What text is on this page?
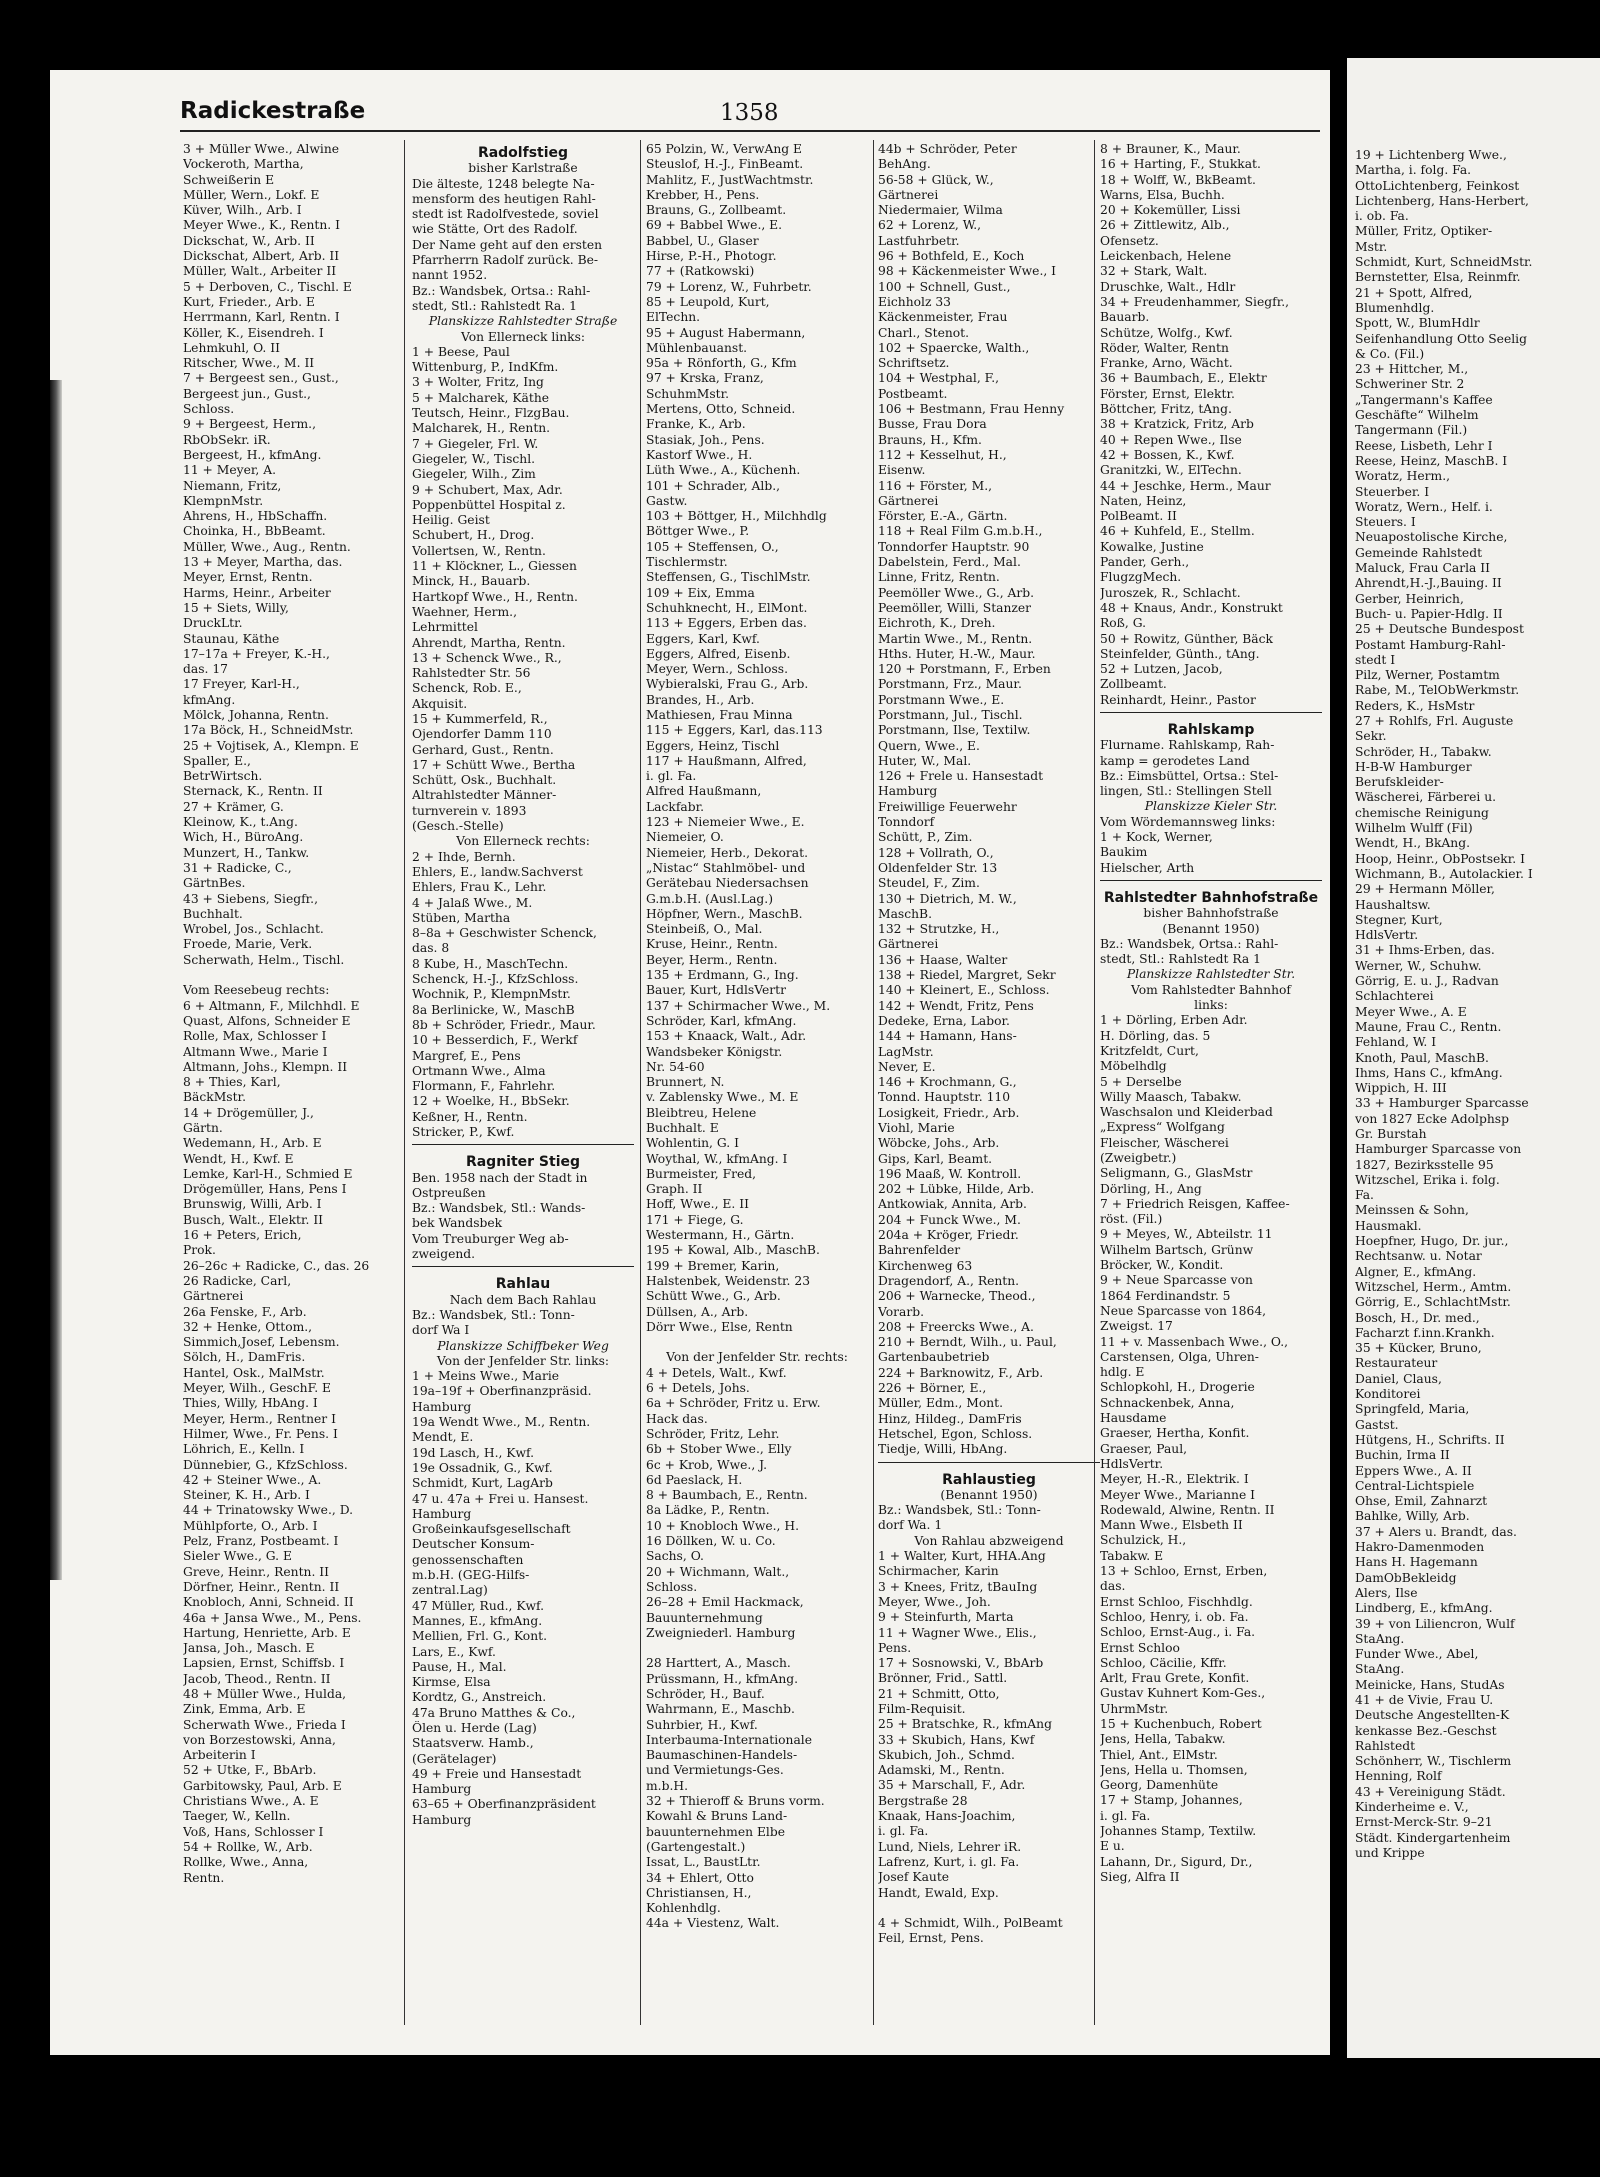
19 + Lichtenberg Wwe.,
Martha, i. folg. Fa.
OttoLichtenberg, Feinkost
Lichtenberg, Hans-Herbert,
i. ob. Fa.
Müller, Fritz, Optiker-
Mstr.
Schmidt, Kurt, SchneidMstr.
Bernstetter, Elsa, Reinmfr.
21 + Spott, Alfred,
Blumenhdlg.
Spott, W., BlumHdlr
Seifenhandlung Otto Seelig
& Co. (Fil.)
23 + Hittcher, M.,
Schweriner Str. 2
„Tangermann's Kaffee
Geschäfte“ Wilhelm
Tangermann (Fil.)
Reese, Lisbeth, Lehr I
Reese, Heinz, MaschB. I
Woratz, Herm.,
Steuerber. I
Woratz, Wern., Helf. i.
Steuers. I
Neuapostolische Kirche,
Gemeinde Rahlstedt
Maluck, Frau Carla II
Ahrendt,H.-J.,Bauing. II
Gerber, Heinrich,
Buch- u. Papier-Hdlg. II
25 + Deutsche Bundespost
Postamt Hamburg-Rahl-
stedt I
Pilz, Werner, Postamtm
Rabe, M., TelObWerkmstr.
Reders, K., HsMstr
27 + Rohlfs, Frl. Auguste
Sekr.
Schröder, H., Tabakw.
H-B-W Hamburger
Berufskleider-
Wäscherei, Färberei u.
chemische Reinigung
Wilhelm Wulff (Fil)
Wendt, H., BkAng.
Hoop, Heinr., ObPostsekr. I
Wichmann, B., Autolackier. I
29 + Hermann Möller,
Haushaltsw.
Stegner, Kurt,
HdlsVertr.
31 + Ihms-Erben, das.
Werner, W., Schuhw.
Görrig, E. u. J., Radvan
Schlachterei
Meyer Wwe., A. E
Maune, Frau C., Rentn.
Fehland, W. I
Knoth, Paul, MaschB.
Ihms, Hans C., kfmAng.
Wippich, H. III
33 + Hamburger Sparcasse
von 1827 Ecke Adolphsp
Gr. Burstah
Hamburger Sparcasse von
1827, Bezirksstelle 95
Witzschel, Erika i. folg.
Fa.
Meinssen & Sohn,
Hausmakl.
Hoepfner, Hugo, Dr. jur.,
Rechtsanw. u. Notar
Algner, E., kfmAng.
Witzschel, Herm., Amtm.
Görrig, E., SchlachtMstr.
Bosch, H., Dr. med.,
Facharzt f.inn.Krankh.
35 + Kücker, Bruno,
Restaurateur
Daniel, Claus,
Konditorei
Springfeld, Maria,
Gastst.
Hütgens, H., Schrifts. II
Buchin, Irma II
Eppers Wwe., A. II
Central-Lichtspiele
Ohse, Emil, Zahnarzt
Bahlke, Willy, Arb.
37 + Alers u. Brandt, das.
Hakro-Damenmoden
Hans H. Hagemann
DamObBekleidg
Alers, Ilse
Lindberg, E., kfmAng.
39 + von Liliencron, Wulf
StaAng.
Funder Wwe., Abel,
StaAng.
Meinicke, Hans, StudAs
41 + de Vivie, Frau U.
Deutsche Angestellten-K
kenkasse Bez.-Geschst
Rahlstedt
Schönherr, W., Tischlerm
Henning, Rolf
43 + Vereinigung Städt.
Kinderheime e. V.,
Ernst-Merck-Str. 9–21
Städt. Kindergartenheim
und Krippe
Radickestraße	1358
3 + Müller Wwe., Alwine
Vockeroth, Martha,
Schweißerin E
Müller, Wern., Lokf. E
Küver, Wilh., Arb. I
Meyer Wwe., K., Rentn. I
Dickschat, W., Arb. II
Dickschat, Albert, Arb. II
Müller, Walt., Arbeiter II
5 + Derboven, C., Tischl. E
Kurt, Frieder., Arb. E
Herrmann, Karl, Rentn. I
Köller, K., Eisendreh. I
Lehmkuhl, O. II
Ritscher, Wwe., M. II
7 + Bergeest sen., Gust.,
Bergeest jun., Gust.,
Schloss.
9 + Bergeest, Herm.,
RbObSekr. iR.
Bergeest, H., kfmAng.
11 + Meyer, A.
Niemann, Fritz,
KlempnMstr.
Ahrens, H., HbSchaffn.
Choinka, H., BbBeamt.
Müller, Wwe., Aug., Rentn.
13 + Meyer, Martha, das.
Meyer, Ernst, Rentn.
Harms, Heinr., Arbeiter
15 + Siets, Willy,
DruckLtr.
Staunau, Käthe
17–17a + Freyer, K.-H.,
das. 17
17 Freyer, Karl-H.,
kfmAng.
Mölck, Johanna, Rentn.
17a Böck, H., SchneidMstr.
25 + Vojtisek, A., Klempn. E
Spaller, E.,
BetrWirtsch.
Sternack, K., Rentn. II
27 + Krämer, G.
Kleinow, K., t.Ang.
Wich, H., BüroAng.
Munzert, H., Tankw.
31 + Radicke, C.,
GärtnBes.
43 + Siebens, Siegfr.,
Buchhalt.
Wrobel, Jos., Schlacht.
Froede, Marie, Verk.
Scherwath, Helm., Tischl.

Vom Reesebeug rechts:
6 + Altmann, F., Milchhdl. E
Quast, Alfons, Schneider E
Rolle, Max, Schlosser I
Altmann Wwe., Marie I
Altmann, Johs., Klempn. II
8 + Thies, Karl,
BäckMstr.
14 + Drögemüller, J.,
Gärtn.
Wedemann, H., Arb. E
Wendt, H., Kwf. E
Lemke, Karl-H., Schmied E
Drögemüller, Hans, Pens I
Brunswig, Willi, Arb. I
Busch, Walt., Elektr. II
16 + Peters, Erich,
Prok.
26–26c + Radicke, C., das. 26
26 Radicke, Carl,
Gärtnerei
26a Fenske, F., Arb.
32 + Henke, Ottom.,
Simmich,Josef, Lebensm.
Sölch, H., DamFris.
Hantel, Osk., MalMstr.
Meyer, Wilh., GeschF. E
Thies, Willy, HbAng. I
Meyer, Herm., Rentner I
Hilmer, Wwe., Fr. Pens. I
Löhrich, E., Kelln. I
Dünnebier, G., KfzSchloss.
42 + Steiner Wwe., A.
Steiner, K. H., Arb. I
44 + Trinatowsky Wwe., D.
Mühlpforte, O., Arb. I
Pelz, Franz, Postbeamt. I
Sieler Wwe., G. E
Greve, Heinr., Rentn. II
Dörfner, Heinr., Rentn. II
Knobloch, Anni, Schneid. II
46a + Jansa Wwe., M., Pens.
Hartung, Henriette, Arb. E
Jansa, Joh., Masch. E
Lapsien, Ernst, Schiffsb. I
Jacob, Theod., Rentn. II
48 + Müller Wwe., Hulda,
Zink, Emma, Arb. E
Scherwath Wwe., Frieda I
von Borzestowski, Anna,
Arbeiterin I
52 + Utke, F., BbArb.
Garbitowsky, Paul, Arb. E
Christians Wwe., A. E
Taeger, W., Kelln.
Voß, Hans, Schlosser I
54 + Rollke, W., Arb.
Rollke, Wwe., Anna,
Rentn.
Radolfstieg
bisher Karlstraße
Die älteste, 1248 belegte Na-
mensform des heutigen Rahl-
stedt ist Radolfvestede, soviel
wie Stätte, Ort des Radolf.
Der Name geht auf den ersten
Pfarrherrn Radolf zurück. Be-
nannt 1952.
Bz.: Wandsbek, Ortsa.: Rahl-
stedt, Stl.: Rahlstedt Ra. 1
Planskizze Rahlstedter Straße
Von Ellerneck links:
1 + Beese, Paul
Wittenburg, P., IndKfm.
3 + Wolter, Fritz, Ing
5 + Malcharek, Käthe
Teutsch, Heinr., FlzgBau.
Malcharek, H., Rentn.
7 + Giegeler, Frl. W.
Giegeler, W., Tischl.
Giegeler, Wilh., Zim
9 + Schubert, Max, Adr.
Poppenbüttel Hospital z.
Heilig. Geist
Schubert, H., Drog.
Vollertsen, W., Rentn.
11 + Klöckner, L., Giessen
Minck, H., Bauarb.
Hartkopf Wwe., H., Rentn.
Waehner, Herm.,
Lehrmittel
Ahrendt, Martha, Rentn.
13 + Schenck Wwe., R.,
Rahlstedter Str. 56
Schenck, Rob. E.,
Akquisit.
15 + Kummerfeld, R.,
Ojendorfer Damm 110
Gerhard, Gust., Rentn.
17 + Schütt Wwe., Bertha
Schütt, Osk., Buchhalt.
Altrahlstedter Männer-
turnverein v. 1893
(Gesch.-Stelle)
Von Ellerneck rechts:
2 + Ihde, Bernh.
Ehlers, E., landw.Sachverst
Ehlers, Frau K., Lehr.
4 + Jalaß Wwe., M.
Stüben, Martha
8–8a + Geschwister Schenck,
das. 8
8 Kube, H., MaschTechn.
Schenck, H.-J., KfzSchloss.
Wochnik, P., KlempnMstr.
8a Berlinicke, W., MaschB
8b + Schröder, Friedr., Maur.
10 + Besserdich, F., Werkf
Margref, E., Pens
Ortmann Wwe., Alma
Flormann, F., Fahrlehr.
12 + Woelke, H., BbSekr.
Keßner, H., Rentn.
Stricker, P., Kwf.
Ragniter Stieg
Ben. 1958 nach der Stadt in
Ostpreußen
Bz.: Wandsbek, Stl.: Wands-
bek Wandsbek
Vom Treuburger Weg ab-
zweigend.
Rahlau
Nach dem Bach Rahlau
Bz.: Wandsbek, Stl.: Tonn-
dorf Wa I
Planskizze Schiffbeker Weg
Von der Jenfelder Str. links:
1 + Meins Wwe., Marie
19a–19f + Oberfinanzpräsid.
Hamburg
19a Wendt Wwe., M., Rentn.
Mendt, E.
19d Lasch, H., Kwf.
19e Ossadnik, G., Kwf.
Schmidt, Kurt, LagArb
47 u. 47a + Frei u. Hansest.
Hamburg
Großeinkaufsgesellschaft
Deutscher Konsum-
genossenschaften
m.b.H. (GEG-Hilfs-
zentral.Lag)
47 Müller, Rud., Kwf.
Mannes, E., kfmAng.
Mellien, Frl. G., Kont.
Lars, E., Kwf.
Pause, H., Mal.
Kirmse, Elsa
Kordtz, G., Anstreich.
47a Bruno Matthes & Co.,
Ölen u. Herde (Lag)
Staatsverw. Hamb.,
(Gerätelager)
49 + Freie und Hansestadt
Hamburg
63–65 + Oberfinanzpräsident
Hamburg
65 Polzin, W., VerwAng E
Steuslof, H.-J., FinBeamt.
Mahlitz, F., JustWachtmstr.
Krebber, H., Pens.
Brauns, G., Zollbeamt.
69 + Babbel Wwe., E.
Babbel, U., Glaser
Hirse, P.-H., Photogr.
77 + (Ratkowski)
79 + Lorenz, W., Fuhrbetr.
85 + Leupold, Kurt,
ElTechn.
95 + August Habermann,
Mühlenbauanst.
95a + Rönforth, G., Kfm
97 + Krska, Franz,
SchuhmMstr.
Mertens, Otto, Schneid.
Franke, K., Arb.
Stasiak, Joh., Pens.
Kastorf Wwe., H.
Lüth Wwe., A., Küchenh.
101 + Schrader, Alb.,
Gastw.
103 + Böttger, H., Milchhdlg
Böttger Wwe., P.
105 + Steffensen, O.,
Tischlermstr.
Steffensen, G., TischlMstr.
109 + Eix, Emma
Schuhknecht, H., ElMont.
113 + Eggers, Erben das.
Eggers, Karl, Kwf.
Eggers, Alfred, Eisenb.
Meyer, Wern., Schloss.
Wybieralski, Frau G., Arb.
Brandes, H., Arb.
Mathiesen, Frau Minna
115 + Eggers, Karl, das.113
Eggers, Heinz, Tischl
117 + Haußmann, Alfred,
i. gl. Fa.
Alfred Haußmann,
Lackfabr.
123 + Niemeier Wwe., E.
Niemeier, O.
Niemeier, Herb., Dekorat.
„Nistac“ Stahlmöbel- und
Gerätebau Niedersachsen
G.m.b.H. (Ausl.Lag.)
Höpfner, Wern., MaschB.
Steinbeiß, O., Mal.
Kruse, Heinr., Rentn.
Beyer, Herm., Rentn.
135 + Erdmann, G., Ing.
Bauer, Kurt, HdlsVertr
137 + Schirmacher Wwe., M.
Schröder, Karl, kfmAng.
153 + Knaack, Walt., Adr.
Wandsbeker Königstr.
Nr. 54-60
Brunnert, N.
v. Zablensky Wwe., M. E
Bleibtreu, Helene
Buchhalt. E
Wohlentin, G. I
Woythal, W., kfmAng. I
Burmeister, Fred,
Graph. II
Hoff, Wwe., E. II
171 + Fiege, G.
Westermann, H., Gärtn.
195 + Kowal, Alb., MaschB.
199 + Bremer, Karin,
Halstenbek, Weidenstr. 23
Schütt Wwe., G., Arb.
Düllsen, A., Arb.
Dörr Wwe., Else, Rentn

Von der Jenfelder Str. rechts:
4 + Detels, Walt., Kwf.
6 + Detels, Johs.
6a + Schröder, Fritz u. Erw.
Hack das.
Schröder, Fritz, Lehr.
6b + Stober Wwe., Elly
6c + Krob, Wwe., J.
6d Paeslack, H.
8 + Baumbach, E., Rentn.
8a Lädke, P., Rentn.
10 + Knobloch Wwe., H.
16 Döllken, W. u. Co.
Sachs, O.
20 + Wichmann, Walt.,
Schloss.
26–28 + Emil Hackmack,
Bauunternehmung
Zweigniederl. Hamburg

28 Harttert, A., Masch.
Prüssmann, H., kfmAng.
Schröder, H., Bauf.
Wahrmann, E., Maschb.
Suhrbier, H., Kwf.
Interbauma-Internationale
Baumaschinen-Handels-
und Vermietungs-Ges.
m.b.H.
32 + Thieroff & Bruns vorm.
Kowahl & Bruns Land-
bauunternehmen Elbe
(Gartengestalt.)
Issat, L., BaustLtr.
34 + Ehlert, Otto
Christiansen, H.,
Kohlenhdlg.
44a + Viestenz, Walt.
44b + Schröder, Peter
BehAng.
56-58 + Glück, W.,
Gärtnerei
Niedermaier, Wilma
62 + Lorenz, W.,
Lastfuhrbetr.
96 + Bothfeld, E., Koch
98 + Käckenmeister Wwe., I
100 + Schnell, Gust.,
Eichholz 33
Käckenmeister, Frau
Charl., Stenot.
102 + Spaercke, Walth.,
Schriftsetz.
104 + Westphal, F.,
Postbeamt.
106 + Bestmann, Frau Henny
Busse, Frau Dora
Brauns, H., Kfm.
112 + Kesselhut, H.,
Eisenw.
116 + Förster, M.,
Gärtnerei
Förster, E.-A., Gärtn.
118 + Real Film G.m.b.H.,
Tonndorfer Hauptstr. 90
Dabelstein, Ferd., Mal.
Linne, Fritz, Rentn.
Peemöller Wwe., G., Arb.
Peemöller, Willi, Stanzer
Eichroth, K., Dreh.
Martin Wwe., M., Rentn.
Hths. Huter, H.-W., Maur.
120 + Porstmann, F., Erben
Porstmann, Frz., Maur.
Porstmann Wwe., E.
Porstmann, Jul., Tischl.
Porstmann, Ilse, Textilw.
Quern, Wwe., E.
Huter, W., Mal.
126 + Frele u. Hansestadt
Hamburg
Freiwillige Feuerwehr
Tonndorf
Schütt, P., Zim.
128 + Vollrath, O.,
Oldenfelder Str. 13
Steudel, F., Zim.
130 + Dietrich, M. W.,
MaschB.
132 + Strutzke, H.,
Gärtnerei
136 + Haase, Walter
138 + Riedel, Margret, Sekr
140 + Kleinert, E., Schloss.
142 + Wendt, Fritz, Pens
Dedeke, Erna, Labor.
144 + Hamann, Hans-
LagMstr.
Never, E.
146 + Krochmann, G.,
Tonnd. Hauptstr. 110
Losigkeit, Friedr., Arb.
Viohl, Marie
Wöbcke, Johs., Arb.
Gips, Karl, Beamt.
196 Maaß, W. Kontroll.
202 + Lübke, Hilde, Arb.
Antkowiak, Annita, Arb.
204 + Funck Wwe., M.
204a + Kröger, Friedr.
Bahrenfelder
Kirchenweg 63
Dragendorf, A., Rentn.
206 + Warnecke, Theod.,
Vorarb.
208 + Freercks Wwe., A.
210 + Berndt, Wilh., u. Paul,
Gartenbaubetrieb
224 + Barknowitz, F., Arb.
226 + Börner, E.,
Müller, Edm., Mont.
Hinz, Hildeg., DamFris
Hetschel, Egon, Schloss.
Tiedje, Willi, HbAng.
Rahlaustieg
(Benannt 1950)
Bz.: Wandsbek, Stl.: Tonn-
dorf Wa. 1
Von Rahlau abzweigend
1 + Walter, Kurt, HHA.Ang
Schirmacher, Karin
3 + Knees, Fritz, tBauIng
Meyer, Wwe., Joh.
9 + Steinfurth, Marta
11 + Wagner Wwe., Elis.,
Pens.
17 + Sosnowski, V., BbArb
Brönner, Frid., Sattl.
21 + Schmitt, Otto,
Film-Requisit.
25 + Bratschke, R., kfmAng
33 + Skubich, Hans, Kwf
Skubich, Joh., Schmd.
Adamski, M., Rentn.
35 + Marschall, F., Adr.
Bergstraße 28
Knaak, Hans-Joachim,
i. gl. Fa.
Lund, Niels, Lehrer iR.
Lafrenz, Kurt, i. gl. Fa.
Josef Kaute
Handt, Ewald, Exp.

4 + Schmidt, Wilh., PolBeamt
Feil, Ernst, Pens.
8 + Brauner, K., Maur.
16 + Harting, F., Stukkat.
18 + Wolff, W., BkBeamt.
Warns, Elsa, Buchh.
20 + Kokemüller, Lissi
26 + Zittlewitz, Alb.,
Ofensetz.
Leickenbach, Helene
32 + Stark, Walt.
Druschke, Walt., Hdlr
34 + Freudenhammer, Siegfr.,
Bauarb.
Schütze, Wolfg., Kwf.
Röder, Walter, Rentn
Franke, Arno, Wächt.
36 + Baumbach, E., Elektr
Förster, Ernst, Elektr.
Böttcher, Fritz, tAng.
38 + Kratzick, Fritz, Arb
40 + Repen Wwe., Ilse
42 + Bossen, K., Kwf.
Granitzki, W., ElTechn.
44 + Jeschke, Herm., Maur
Naten, Heinz,
PolBeamt. II
46 + Kuhfeld, E., Stellm.
Kowalke, Justine
Pander, Gerh.,
FlugzgMech.
Juroszek, R., Schlacht.
48 + Knaus, Andr., Konstrukt
Roß, G.
50 + Rowitz, Günther, Bäck
Steinfelder, Günth., tAng.
52 + Lutzen, Jacob,
Zollbeamt.
Reinhardt, Heinr., Pastor
Rahlskamp
Flurname. Rahlskamp, Rah-
kamp = gerodetes Land
Bz.: Eimsbüttel, Ortsa.: Stel-
lingen, Stl.: Stellingen Stell
Planskizze Kieler Str.
Vom Wördemannsweg links:
1 + Kock, Werner,
Baukim
Hielscher, Arth
Rahlstedter Bahnhofstraße
bisher Bahnhofstraße
(Benannt 1950)
Bz.: Wandsbek, Ortsa.: Rahl-
stedt, Stl.: Rahlstedt Ra 1
Planskizze Rahlstedter Str.
Vom Rahlstedter Bahnhof
links:
1 + Dörling, Erben Adr.
H. Dörling, das. 5
Kritzfeldt, Curt,
Möbelhdlg
5 + Derselbe
Willy Maasch, Tabakw.
Waschsalon und Kleiderbad
„Express“ Wolfgang
Fleischer, Wäscherei
(Zweigbetr.)
Seligmann, G., GlasMstr
Dörling, H., Ang
7 + Friedrich Reisgen, Kaffee-
röst. (Fil.)
9 + Meyes, W., Abteilstr. 11
Wilhelm Bartsch, Grünw
Bröcker, W., Kondit.
9 + Neue Sparcasse von
1864 Ferdinandstr. 5
Neue Sparcasse von 1864,
Zweigst. 17
11 + v. Massenbach Wwe., O.,
Carstensen, Olga, Uhren-
hdlg. E
Schlopkohl, H., Drogerie
Schnackenbek, Anna,
Hausdame
Graeser, Hertha, Konfit.
Graeser, Paul,
HdlsVertr.
Meyer, H.-R., Elektrik. I
Meyer Wwe., Marianne I
Rodewald, Alwine, Rentn. II
Mann Wwe., Elsbeth II
Schulzick, H.,
Tabakw. E
13 + Schloo, Ernst, Erben,
das.
Ernst Schloo, Fischhdlg.
Schloo, Henry, i. ob. Fa.
Schloo, Ernst-Aug., i. Fa.
Ernst Schloo
Schloo, Cäcilie, Kffr.
Arlt, Frau Grete, Konfit.
Gustav Kuhnert Kom-Ges.,
UhrmMstr.
15 + Kuchenbuch, Robert
Jens, Hella, Tabakw.
Thiel, Ant., ElMstr.
Jens, Hella u. Thomsen,
Georg, Damenhüte
17 + Stamp, Johannes,
i. gl. Fa.
Johannes Stamp, Textilw.
E u.
Lahann, Dr., Sigurd, Dr.,
Sieg, Alfra II
